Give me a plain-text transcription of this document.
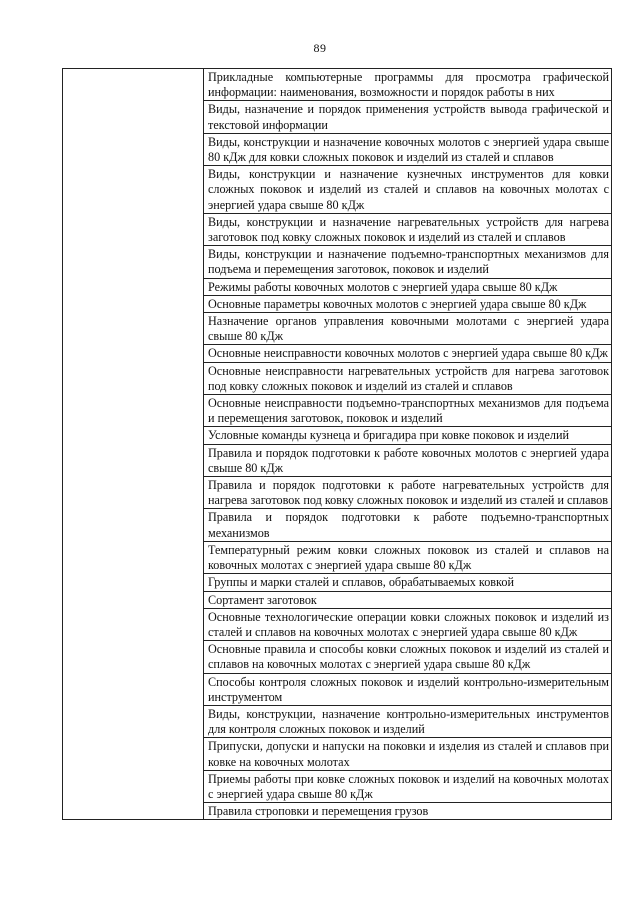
89
	Прикладные компьютерные программы для просмотра графической информации: наименования, возможности и порядок работы в них
Виды, назначение и порядок применения устройств вывода графической и текстовой информации
Виды, конструкции и назначение ковочных молотов с энергией удара свыше 80 кДж для ковки сложных поковок и изделий из сталей и сплавов
Виды, конструкции и назначение кузнечных инструментов для ковки сложных поковок и изделий из сталей и сплавов на ковочных молотах с энергией удара свыше 80 кДж
Виды, конструкции и назначение нагревательных устройств для нагрева заготовок под ковку сложных поковок и изделий из сталей и сплавов
Виды, конструкции и назначение подъемно-транспортных механизмов для подъема и перемещения заготовок, поковок и изделий
Режимы работы ковочных молотов с энергией удара свыше 80 кДж
Основные параметры ковочных молотов с энергией удара свыше 80 кДж
Назначение органов управления ковочными молотами с энергией удара свыше 80 кДж
Основные неисправности ковочных молотов с энергией удара свыше 80 кДж
Основные неисправности нагревательных устройств для нагрева заготовок под ковку сложных поковок и изделий из сталей и сплавов
Основные неисправности подъемно-транспортных механизмов для подъема и перемещения заготовок, поковок и изделий
Условные команды кузнеца и бригадира при ковке поковок и изделий
Правила и порядок подготовки к работе ковочных молотов с энергией удара свыше 80 кДж
Правила и порядок подготовки к работе нагревательных устройств для нагрева заготовок под ковку сложных поковок и изделий из сталей и сплавов
Правила и порядок подготовки к работе подъемно-транспортных механизмов
Температурный режим ковки сложных поковок из сталей и сплавов на ковочных молотах с энергией удара свыше 80 кДж
Группы и марки сталей и сплавов, обрабатываемых ковкой
Сортамент заготовок
Основные технологические операции ковки сложных поковок и изделий из сталей и сплавов на ковочных молотах с энергией удара свыше 80 кДж
Основные правила и способы ковки сложных поковок и изделий из сталей и сплавов на ковочных молотах с энергией удара свыше 80 кДж
Способы контроля сложных поковок и изделий контрольно-измерительным инструментом
Виды, конструкции, назначение контрольно-измерительных инструментов для контроля сложных поковок и изделий
Припуски, допуски и напуски на поковки и изделия из сталей и сплавов при ковке на ковочных молотах
Приемы работы при ковке сложных поковок и изделий на ковочных молотах с энергией удара свыше 80 кДж
Правила строповки и перемещения грузов
